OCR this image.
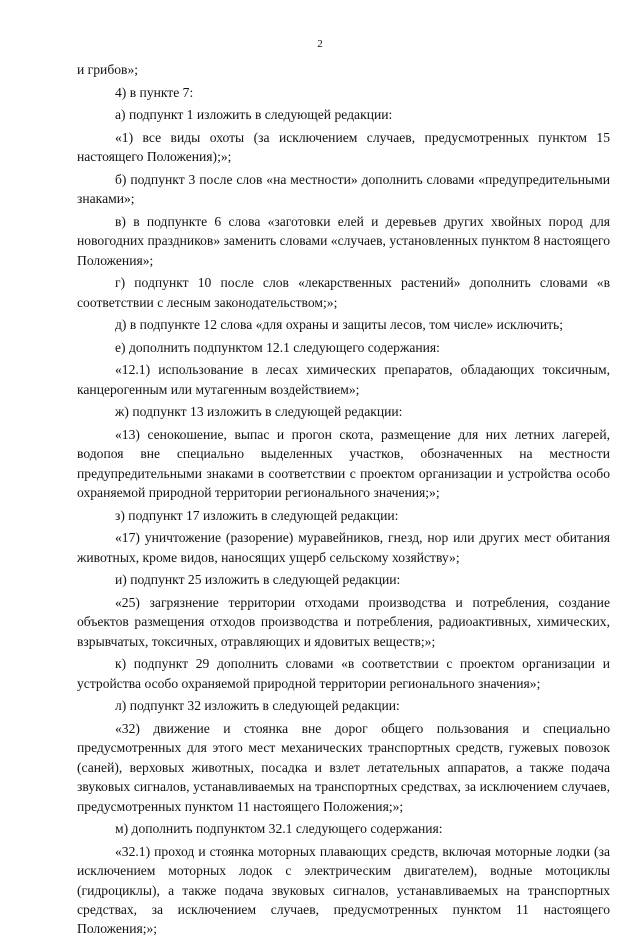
2

и грибов»;

4) в пункте 7:

а) подпункт 1 изложить в следующей редакции:

«1) все виды охоты (за исключением случаев, предусмотренных пунктом 15 настоящего Положения);»;

б) подпункт 3 после слов «на местности» дополнить словами «предупредительными знаками»;

в) в подпункте 6 слова «заготовки елей и деревьев других хвойных пород для новогодних праздников» заменить словами «случаев, установленных пунктом 8 настоящего Положения»;

г) подпункт 10 после слов «лекарственных растений» дополнить словами «в соответствии с лесным законодательством;»;

д) в подпункте 12 слова «для охраны и защиты лесов, том числе» исключить;

е) дополнить подпунктом 12.1 следующего содержания:

«12.1) использование в лесах химических препаратов, обладающих токсичным, канцерогенным или мутагенным воздействием»;

ж) подпункт 13 изложить в следующей редакции:

«13) сенокошение, выпас и прогон скота, размещение для них летних лагерей, водопоя вне специально выделенных участков, обозначенных на местности предупредительными знаками в соответствии с проектом организации и устройства особо охраняемой природной территории регионального значения;»;

з) подпункт 17 изложить в следующей редакции:

«17) уничтожение (разорение) муравейников, гнезд, нор или других мест обитания животных, кроме видов, наносящих ущерб сельскому хозяйству»;

и) подпункт 25 изложить в следующей редакции:

«25) загрязнение территории отходами производства и потребления, создание объектов размещения отходов производства и потребления, радиоактивных, химических, взрывчатых, токсичных, отравляющих и ядовитых веществ;»;

к) подпункт 29 дополнить словами «в соответствии с проектом организации и устройства особо охраняемой природной территории регионального значения»;

л) подпункт 32 изложить в следующей редакции:

«32) движение и стоянка вне дорог общего пользования и специально предусмотренных для этого мест механических транспортных средств, гужевых повозок (саней), верховых животных, посадка и взлет летательных аппаратов, а также подача звуковых сигналов, устанавливаемых на транспортных средствах, за исключением случаев, предусмотренных пунктом 11 настоящего Положения;»;

м) дополнить подпунктом 32.1 следующего содержания:

«32.1) проход и стоянка моторных плавающих средств, включая моторные лодки (за исключением моторных лодок с электрическим двигателем), водные мотоциклы (гидроциклы), а также подача звуковых сигналов, устанавливаемых на транспортных средствах, за исключением случаев, предусмотренных пунктом 11 настоящего Положения;»;
